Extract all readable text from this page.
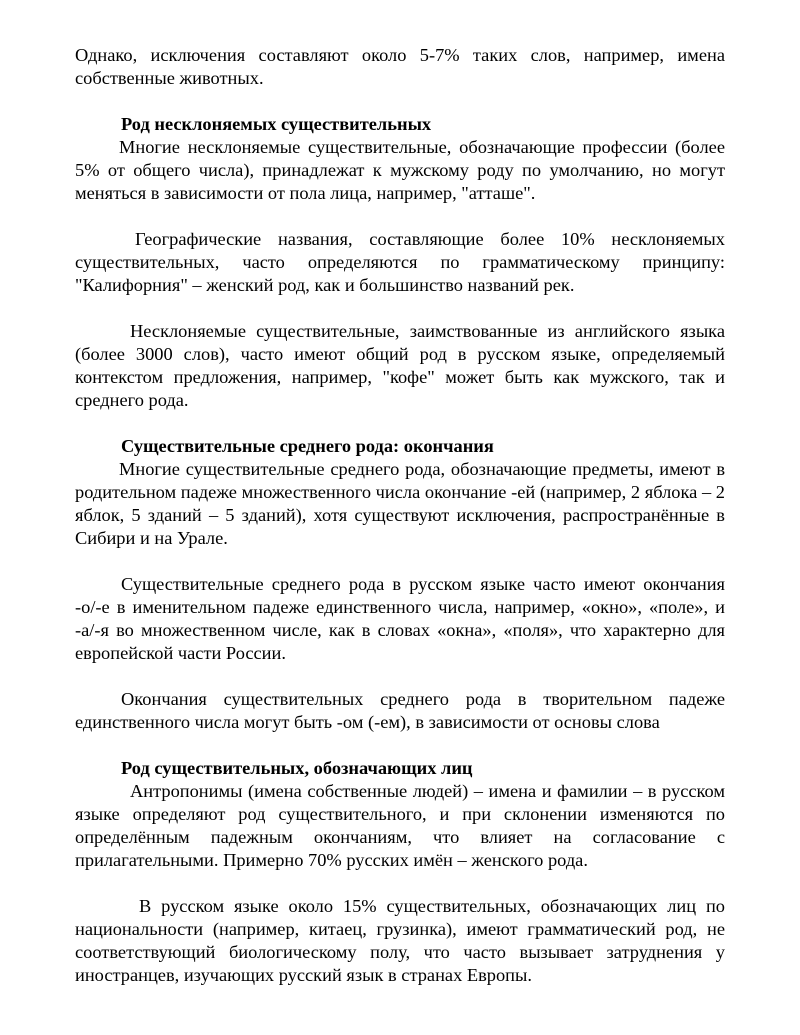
Однако, исключения составляют около 5-7% таких слов, например, имена собственные животных.

Род несклоняемых существительных

Многие несклоняемые существительные, обозначающие профессии (более 5% от общего числа), принадлежат к мужскому роду по умолчанию, но могут меняться в зависимости от пола лица, например, "атташе".

Географические названия, составляющие более 10% несклоняемых существительных, часто определяются по грамматическому принципу: "Калифорния" – женский род, как и большинство названий рек.

Несклоняемые существительные, заимствованные из английского языка (более 3000 слов), часто имеют общий род в русском языке, определяемый контекстом предложения, например, "кофе" может быть как мужского, так и среднего рода.

Существительные среднего рода: окончания

Многие существительные среднего рода, обозначающие предметы, имеют в родительном падеже множественного числа окончание -ей (например, 2 яблока – 2 яблок, 5 зданий – 5 зданий), хотя существуют исключения, распространённые в Сибири и на Урале.

Существительные среднего рода в русском языке часто имеют окончания -о/-е в именительном падеже единственного числа, например, «окно», «поле», и -а/-я во множественном числе, как в словах «окна», «поля», что характерно для европейской части России.

Окончания существительных среднего рода в творительном падеже единственного числа могут быть -ом (-ем), в зависимости от основы слова

Род существительных, обозначающих лиц

Антропонимы (имена собственные людей) – имена и фамилии – в русском языке определяют род существительного, и при склонении изменяются по определённым падежным окончаниям, что влияет на согласование с прилагательными. Примерно 70% русских имён – женского рода.

В русском языке около 15% существительных, обозначающих лиц по национальности (например, китаец, грузинка), имеют грамматический род, не соответствующий биологическому полу, что часто вызывает затруднения у иностранцев, изучающих русский язык в странах Европы.
